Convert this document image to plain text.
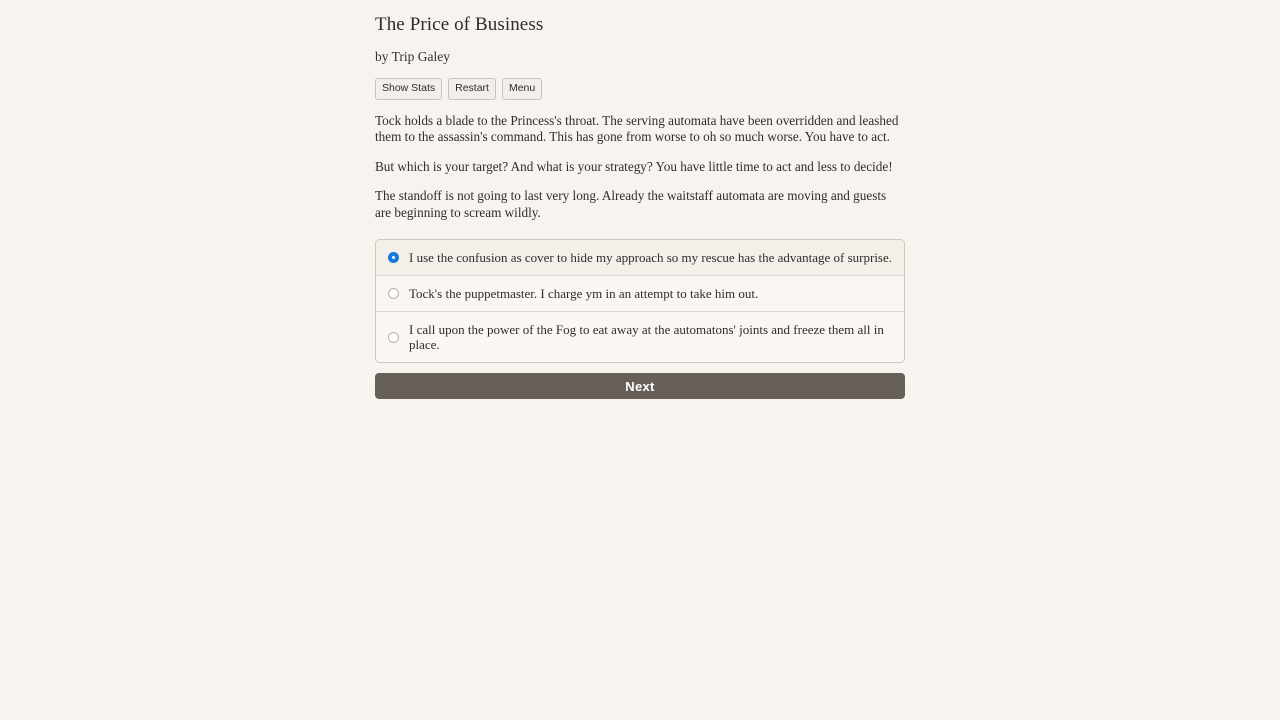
The Price of Business

by Trip Galey

Show Stats	Restart	Menu

Tock holds a blade to the Princess's throat. The serving automata have been overridden and leashed them to the assassin's command. This has gone from worse to oh so much worse. You have to act.

But which is your target? And what is your strategy? You have little time to act and less to decide!

The standoff is not going to last very long. Already the waitstaff automata are moving and guests are beginning to scream wildly.

I use the confusion as cover to hide my approach so my rescue has the advantage of surprise.
Tock's the puppetmaster. I charge ym in an attempt to take him out.
I call upon the power of the Fog to eat away at the automatons' joints and freeze them all in place.
Next
